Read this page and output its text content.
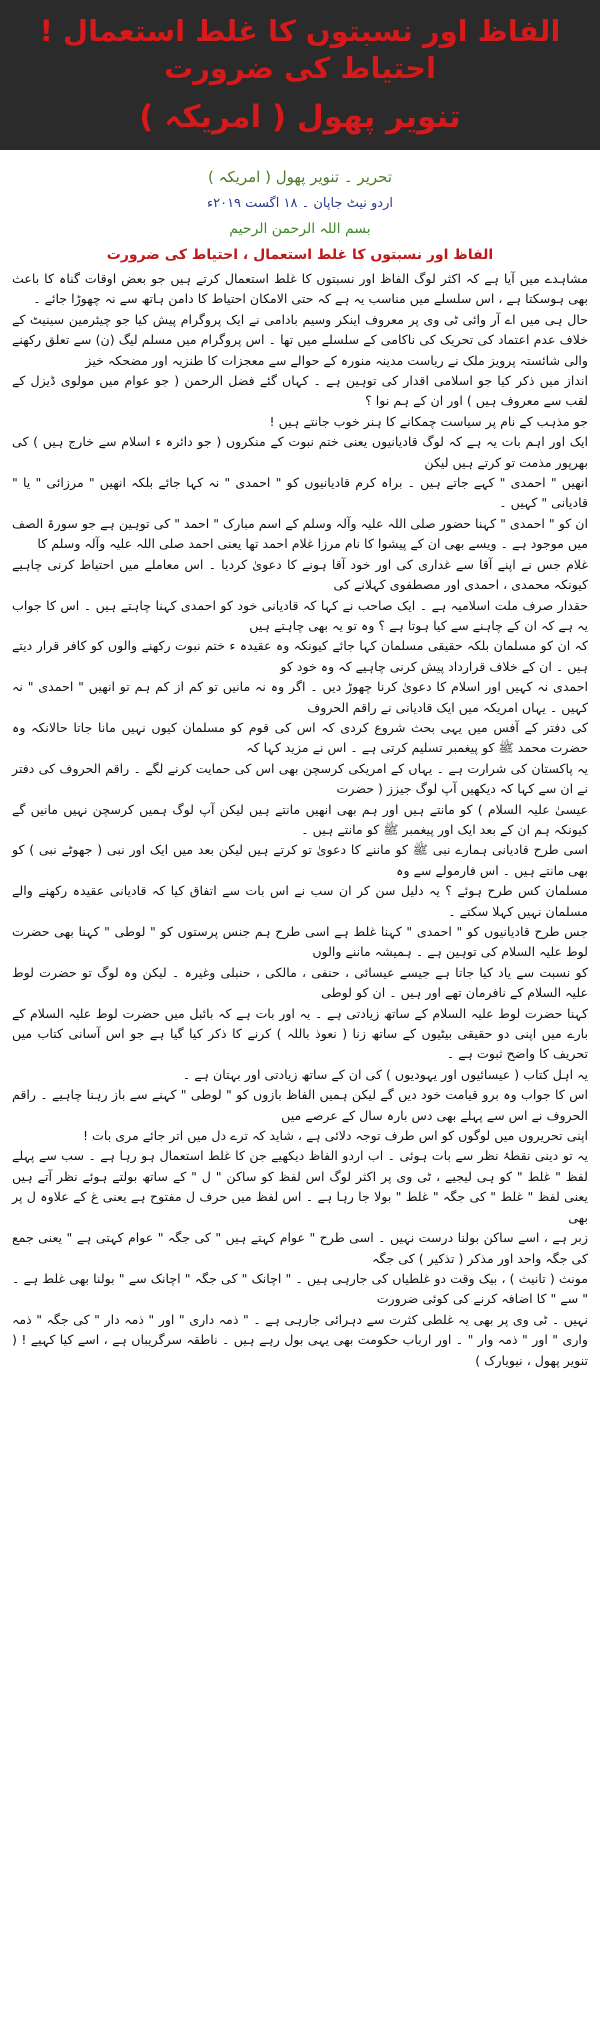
الفاظ اور نسبتوں کا غلط استعمال ! احتیاط کی ضرورت
تنویر پھول ( امریکہ )

تحریر ۔ تنویر پھول ( امریکہ )

اردو نیٹ جاپان ۔ ۱۸ اگست ۲۰۱۹ء

بسم اللہ الرحمن الرحیم

الفاظ اور نسبتوں کا غلط استعمال ، احتیاط کی ضرورت

مشاہدے میں آیا ہے کہ اکثر لوگ الفاظ اور نسبتوں کا غلط استعمال کرتے ہیں جو بعض اوقات گناہ کا باعث بھی ہوسکتا ہے ، اس سلسلے میں مناسب یہ ہے کہ حتی الامکان احتیاط کا دامن ہاتھ سے نہ چھوڑا جائے ۔

حال ہی میں اے آر وائی ٹی وی پر معروف اینکر وسیم بادامی نے ایک پروگرام پیش کیا جو چیئرمین سینیٹ کے خلاف عدم اعتماد کی تحریک کی ناکامی کے سلسلے میں تھا ۔ اس پروگرام میں مسلم لیگ (ن) سے تعلق رکھنے والی شائستہ پرویز ملک نے ریاست مدینہ منورہ کے حوالے سے معجزات کا طنزیہ اور مضحکہ خیز

انداز میں ذکر کیا جو اسلامی اقدار کی توہین ہے ۔ کہاں گئے فضل الرحمن ( جو عوام میں مولوی ڈیزل کے لقب سے معروف ہیں ) اور ان کے ہم نوا ؟

جو مذہب کے نام پر سیاست چمکانے کا ہنر خوب جانتے ہیں !

ایک اور اہم بات یہ ہے کہ لوگ قادیانیوں یعنی ختم نبوت کے منکروں ( جو دائرہ ء اسلام سے خارج ہیں ) کی بھرپور مذمت تو کرتے ہیں لیکن

انھیں " احمدی " کہے جاتے ہیں ۔ براہ کرم قادیانیوں کو " احمدی " نہ کہا جائے بلکہ انھیں " مرزائی " یا " قادیانی " کہیں ۔

ان کو " احمدی " کہنا حضور صلی اللہ علیہ وآلہ وسلم کے اسم مبارک " احمد " کی توہین ہے جو سورۃ الصف میں موجود ہے ۔ ویسے بھی ان کے پیشوا کا نام مرزا غلام احمد تھا یعنی احمد صلی اللہ علیہ وآلہ وسلم کا

غلام جس نے اپنے آقا سے غداری کی اور خود آقا ہونے کا دعویٰ کردیا ۔ اس معاملے میں احتیاط کرنی چاہیے کیونکہ محمدی ، احمدی اور مصطفوی کہلانے کی

حقدار صرف ملت اسلامیہ ہے ۔ ایک صاحب نے کہا کہ قادیانی خود کو احمدی کہنا چاہتے ہیں ۔ اس کا جواب یہ ہے کہ ان کے چاہنے سے کیا ہوتا ہے ؟ وہ تو یہ بھی چاہتے ہیں

کہ ان کو مسلمان بلکہ حقیقی مسلمان کہا جائے کیونکہ وہ عقیدہ ء ختم نبوت رکھنے والوں کو کافر قرار دیتے ہیں ۔ ان کے خلاف قرارداد پیش کرنی چاہیے کہ وہ خود کو

احمدی نہ کہیں اور اسلام کا دعویٰ کرنا چھوڑ دیں ۔ اگر وہ نہ مانیں تو کم از کم ہم تو انھیں " احمدی " نہ کہیں ۔ یہاں امریکہ میں ایک قادیانی نے راقم الحروف

کی دفتر کے آفس میں یہی بحث شروع کردی کہ اس کی قوم کو مسلمان کیوں نہیں مانا جاتا حالانکہ وہ حضرت محمد ﷺ کو پیغمبر تسلیم کرتی ہے ۔ اس نے مزید کہا کہ

یہ پاکستان کی شرارت ہے ۔ یہاں کے امریکی کرسچن بھی اس کی حمایت کرنے لگے ۔ راقم الحروف کی دفتر نے ان سے کہا کہ دیکھیں آپ لوگ جیزز ( حضرت

عیسیٰ علیہ السلام ) کو مانتے ہیں اور ہم بھی انھیں مانتے ہیں لیکن آپ لوگ ہمیں کرسچن نہیں مانیں گے کیونکہ ہم ان کے بعد ایک اور پیغمبر ﷺ کو مانتے ہیں ۔

اسی طرح قادیانی ہمارے نبی ﷺ کو ماننے کا دعویٰ تو کرتے ہیں لیکن بعد میں ایک اور نبی ( جھوٹے نبی ) کو بھی مانتے ہیں ۔ اس فارمولے سے وہ

مسلمان کس طرح ہوئے ؟ یہ دلیل سن کر ان سب نے اس بات سے اتفاق کیا کہ قادیانی عقیدہ رکھنے والے مسلمان نہیں کہلا سکتے ۔

جس طرح قادیانیوں کو " احمدی " کہنا غلط ہے اسی طرح ہم جنس پرستوں کو " لوطی " کہنا بھی حضرت لوط علیہ السلام کی توہین ہے ۔ ہمیشہ ماننے والوں

کو نسبت سے یاد کیا جاتا ہے جیسے عیسائی ، حنفی ، مالکی ، حنبلی وغیرہ ۔ لیکن وہ لوگ تو حضرت لوط علیہ السلام کے نافرمان تھے اور ہیں ۔ ان کو لوطی

کہنا حضرت لوط علیہ السلام کے ساتھ زیادتی ہے ۔ یہ اور بات ہے کہ بائبل میں حضرت لوط علیہ السلام کے بارے میں اپنی دو حقیقی بیٹیوں کے ساتھ زنا ( نعوذ باللہ ) کرنے کا ذکر کیا گیا ہے جو اس آسانی کتاب میں تحریف کا واضح ثبوت ہے ۔

یہ اہل کتاب ( عیسائیوں اور یہودیوں ) کی ان کے ساتھ زیادتی اور بہتان ہے ۔

اس کا جواب وہ برو قیامت خود دیں گے لیکن ہمیں الفاظ بازوں کو " لوطی " کہنے سے باز رہنا چاہیے ۔ راقم الحروف نے اس سے پہلے بھی دس بارہ سال کے عرصے میں

اپنی تحریروں میں لوگوں کو اس طرف توجہ دلائی ہے ، شاید کہ ترے دل میں اتر جائے مری بات !

یہ تو دینی نقطۂ نظر سے بات ہوئی ۔ اب اردو الفاظ دیکھیے جن کا غلط استعمال ہو رہا ہے ۔ سب سے پہلے لفظ " غلط " کو ہی لیجیے ، ٹی وی پر اکثر لوگ اس لفظ کو ساکن " ل " کے ساتھ بولتے ہوئے نظر آتے ہیں یعنی لفظ " غلط " کی جگہ " غلط " بولا جا رہا ہے ۔ اس لفظ میں حرف ل مفتوح ہے یعنی غ کے علاوہ ل پر بھی

زبر ہے ، اسے ساکن بولنا درست نہیں ۔ اسی طرح " عوام کہتے ہیں " کی جگہ " عوام کہتی ہے " یعنی جمع کی جگہ واحد اور مذکر ( تذکیر ) کی جگہ

مونث ( تانیث ) ، بیک وقت دو غلطیاں کی جارہی ہیں ۔ " اچانک " کی جگہ " اچانک سے " بولنا بھی غلط ہے ۔ " سے " کا اضافہ کرنے کی کوئی ضرورت

نہیں ۔ ٹی وی پر بھی یہ غلطی کثرت سے دہرائی جارہی ہے ۔ " ذمہ داری " اور " ذمہ دار " کی جگہ " ذمہ واری " اور " ذمہ وار " ۔ اور ارباب حکومت بھی یہی بول رہے ہیں ۔ ناطقہ سرگریباں ہے ، اسے کیا کہیے ! ( تنویر پھول ، نیویارک )
